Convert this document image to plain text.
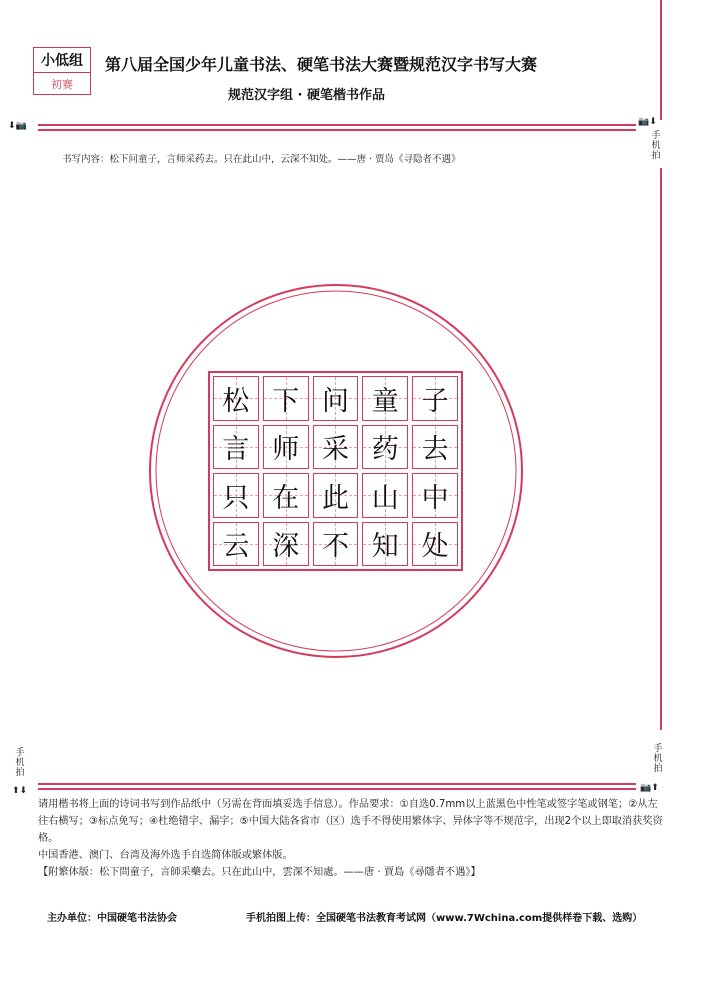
小低组
初赛
第八届全国少年儿童书法、硬笔书法大赛暨规范汉字书写大赛
规范汉字组 · 硬笔楷书作品
⬇📷	📷⬇
手机拍
书写内容：松下问童子，言师采药去。只在此山中，云深不知处。——唐 · 贾岛《寻隐者不遇》
松 下 问 童 子
言 师 采 药 去
只 在 此 山 中
云 深 不 知 处
手机拍
手机拍
⬆⬇	📷⬆
请用楷书将上面的诗词书写到作品纸中（另需在背面填妥选手信息）。作品要求：①自选0.7mm以上蓝黑色中性笔或签字笔或钢笔；②从左往右横写；③标点免写；④杜绝错字、漏字；⑤中国大陆各省市（区）选手不得使用繁体字、异体字等不规范字，出现2个以上即取消获奖资格。
中国香港、澳门、台湾及海外选手自选简体版或繁体版。
【附繁体版：松下問童子，言師采藥去。只在此山中，雲深不知處。——唐 · 賈島《尋隱者不遇》】
主办单位：中国硬笔书法协会	手机拍图上传：全国硬笔书法教育考试网（www.7Wchina.com提供样卷下载、选购）
